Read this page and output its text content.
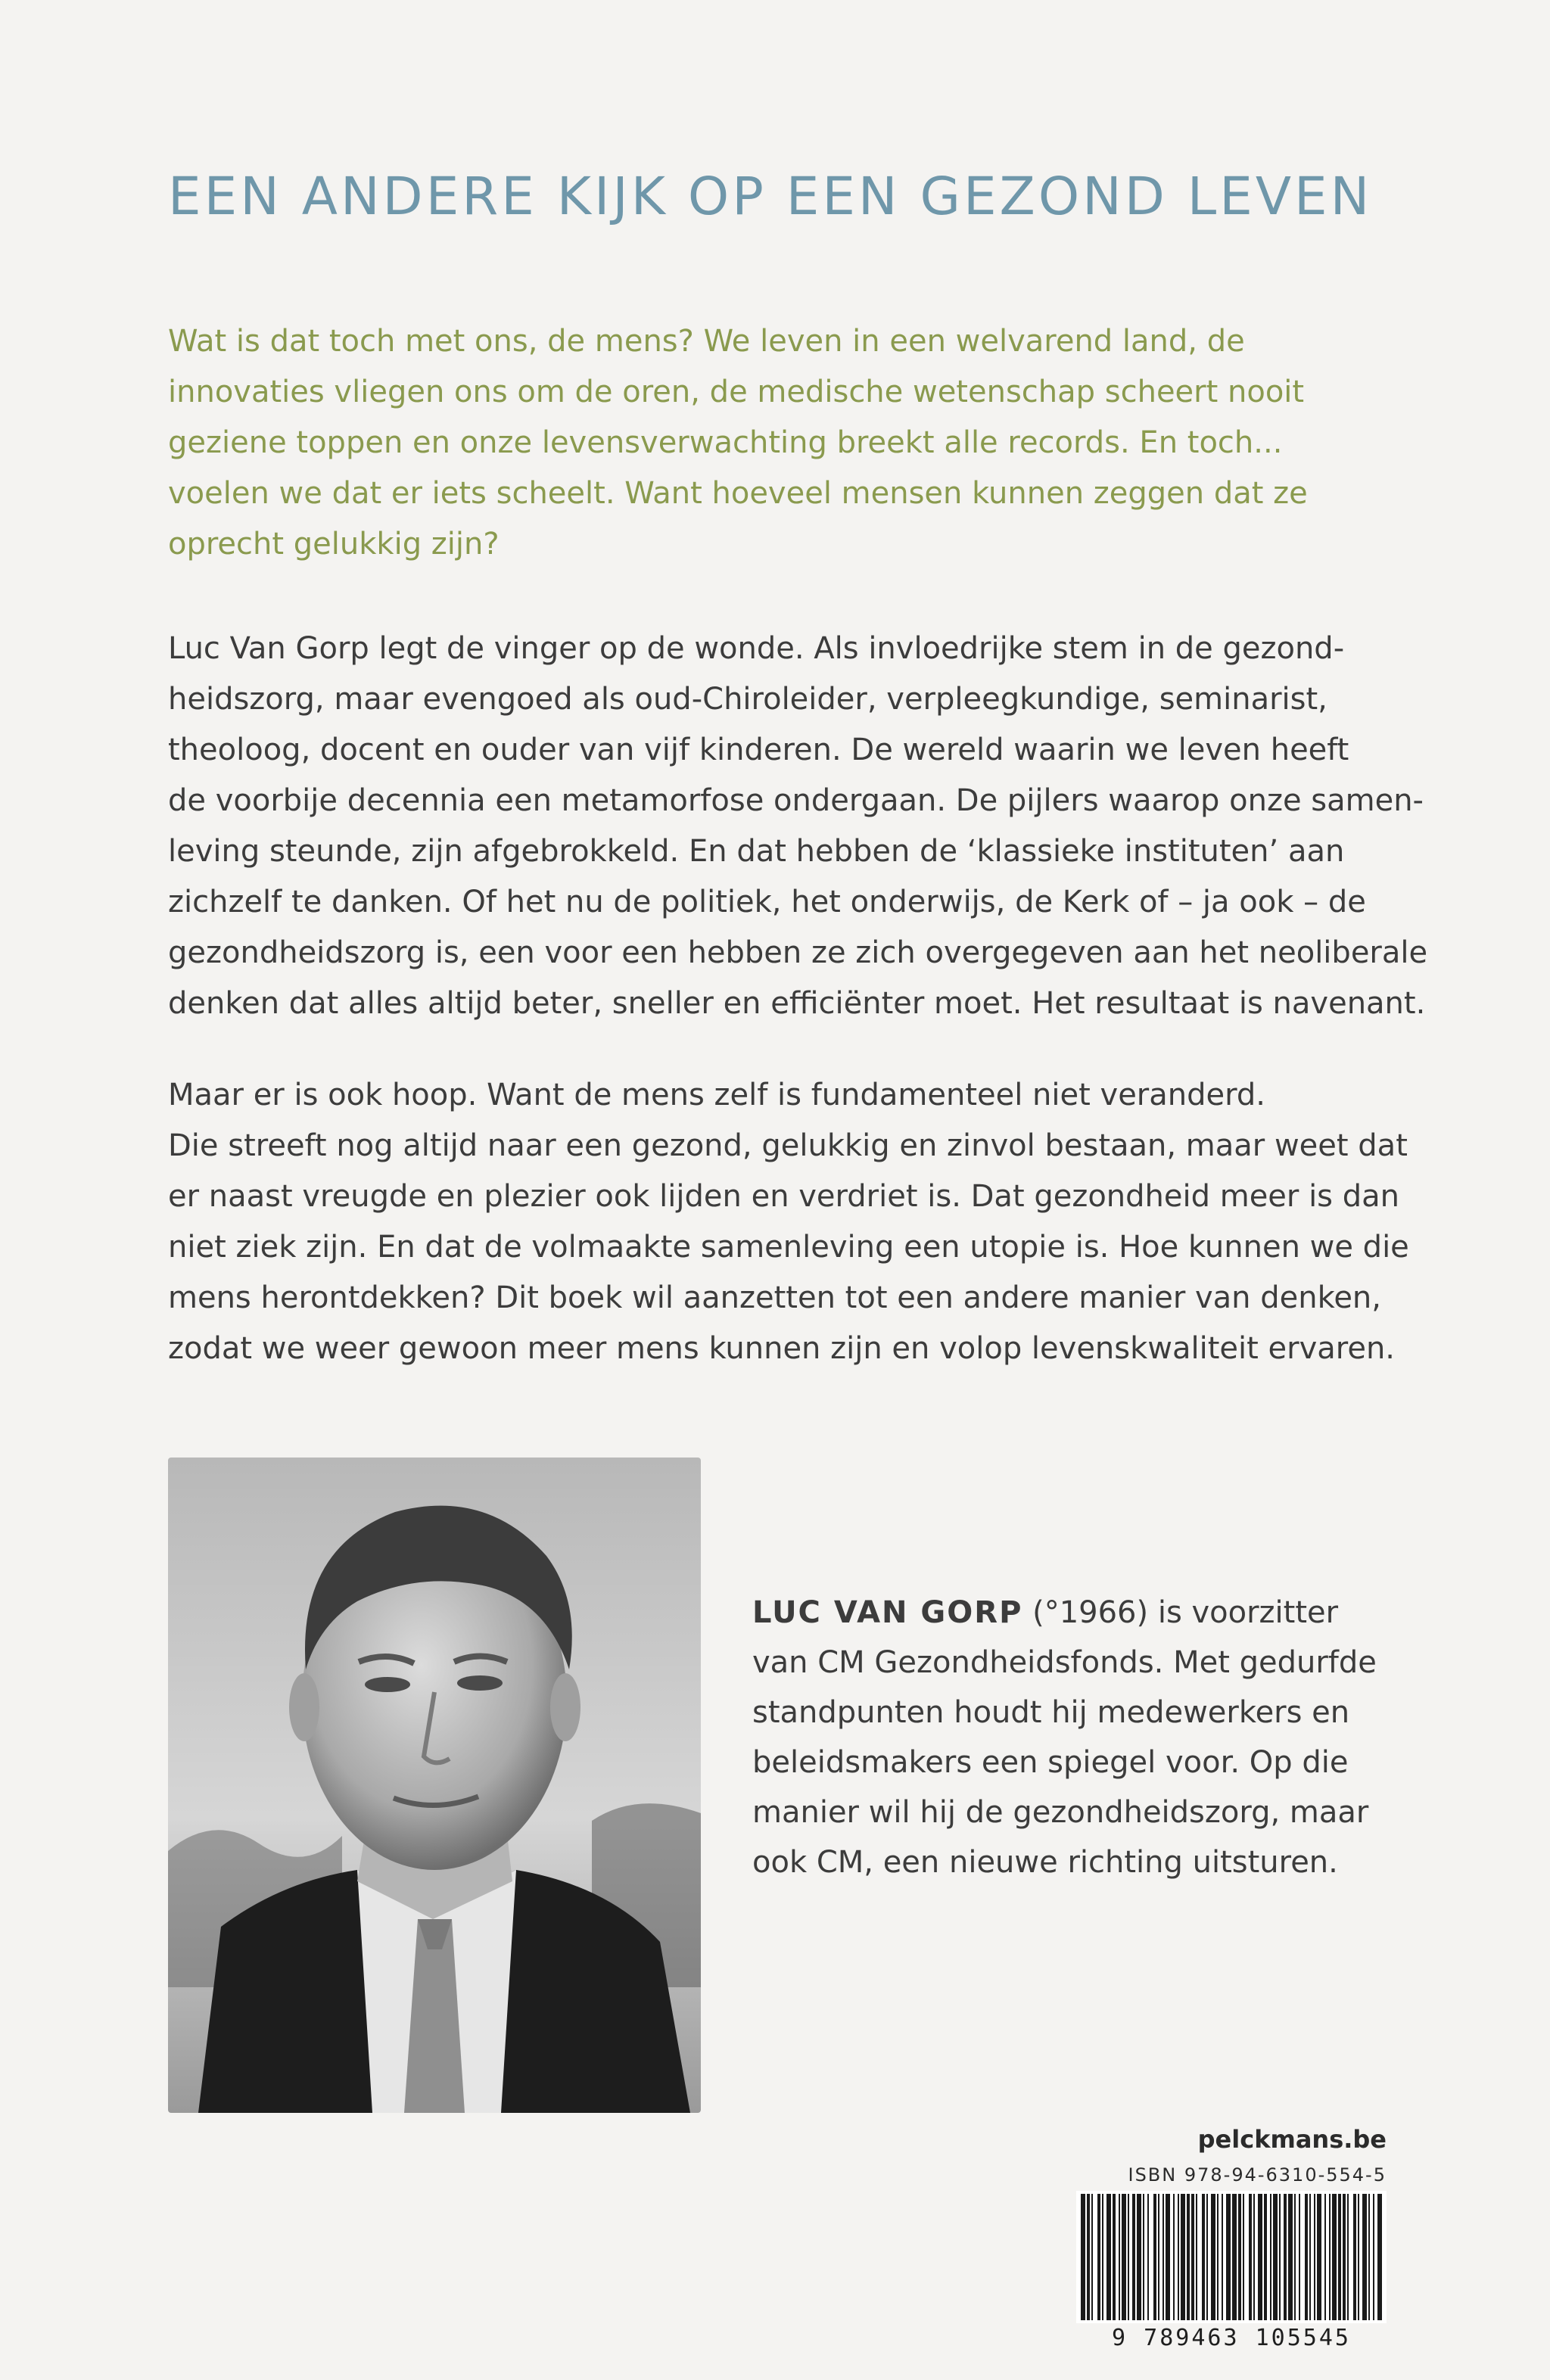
EEN ANDERE KIJK OP EEN GEZOND LEVEN

Wat is dat toch met ons, de mens? We leven in een welvarend land, de
innovaties vliegen ons om de oren, de medische wetenschap scheert nooit
geziene toppen en onze levensverwachting breekt alle records. En toch...
voelen we dat er iets scheelt. Want hoeveel mensen kunnen zeggen dat ze
oprecht gelukkig zijn?

Luc Van Gorp legt de vinger op de wonde. Als invloedrijke stem in de gezond-
heidszorg, maar evengoed als oud-Chiroleider, verpleegkundige, seminarist,
theoloog, docent en ouder van vijf kinderen. De wereld waarin we leven heeft
de voorbije decennia een metamorfose ondergaan. De pijlers waarop onze samen-
leving steunde, zijn afgebrokkeld. En dat hebben de ‘klassieke instituten’ aan
zichzelf te danken. Of het nu de politiek, het onderwijs, de Kerk of – ja ook – de
gezondheidszorg is, een voor een hebben ze zich overgegeven aan het neoliberale
denken dat alles altijd beter, sneller en efficiënter moet. Het resultaat is navenant.

Maar er is ook hoop. Want de mens zelf is fundamenteel niet veranderd.
Die streeft nog altijd naar een gezond, gelukkig en zinvol bestaan, maar weet dat
er naast vreugde en plezier ook lijden en verdriet is. Dat gezondheid meer is dan
niet ziek zijn. En dat de volmaakte samenleving een utopie is. Hoe kunnen we die
mens herontdekken? Dit boek wil aanzetten tot een andere manier van denken,
zodat we weer gewoon meer mens kunnen zijn en volop levenskwaliteit ervaren.

LUC VAN GORP (°1966) is voorzitter
van CM Gezondheidsfonds. Met gedurfde
standpunten houdt hij medewerkers en
beleidsmakers een spiegel voor. Op die
manier wil hij de gezondheidszorg, maar
ook CM, een nieuwe richting uitsturen.

pelckmans.be
ISBN 978-94-6310-554-5
9 789463 105545
